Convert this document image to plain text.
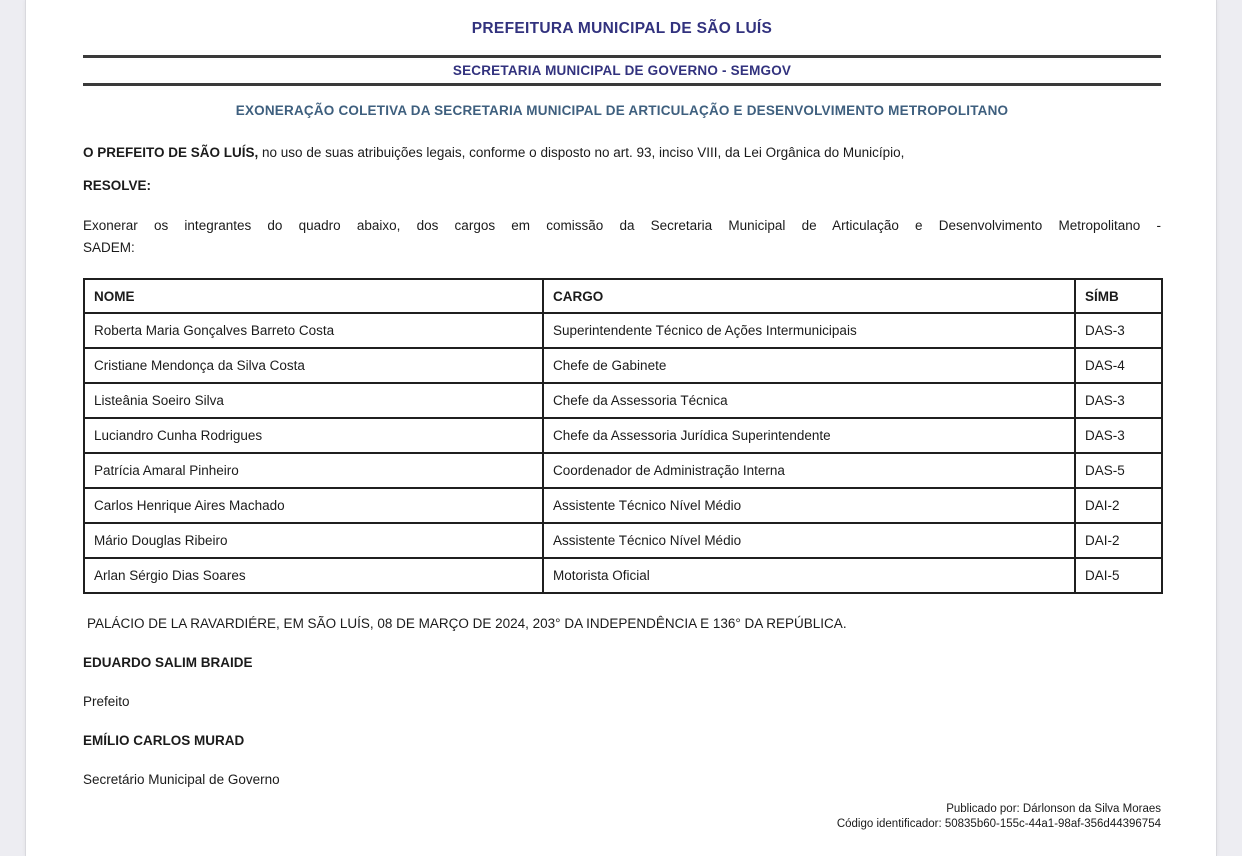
PREFEITURA MUNICIPAL DE SÃO LUÍS
SECRETARIA MUNICIPAL DE GOVERNO - SEMGOV
EXONERAÇÃO COLETIVA DA SECRETARIA MUNICIPAL DE ARTICULAÇÃO E DESENVOLVIMENTO METROPOLITANO

O PREFEITO DE SÃO LUÍS, no uso de suas atribuições legais, conforme o disposto no art. 93, inciso VIII, da Lei Orgânica do Município,

RESOLVE:

Exonerar os integrantes do quadro abaixo, dos cargos em comissão da Secretaria Municipal de Articulação e Desenvolvimento Metropolitano -
SADEM:
NOME	CARGO	SÍMB
Roberta Maria Gonçalves Barreto Costa	Superintendente Técnico de Ações Intermunicipais	DAS-3
Cristiane Mendonça da Silva Costa	Chefe de Gabinete	DAS-4
Listeânia Soeiro Silva	Chefe da Assessoria Técnica	DAS-3
Luciandro Cunha Rodrigues	Chefe da Assessoria Jurídica Superintendente	DAS-3
Patrícia Amaral Pinheiro	Coordenador de Administração Interna	DAS-5
Carlos Henrique Aires Machado	Assistente Técnico Nível Médio	DAI-2
Mário Douglas Ribeiro	Assistente Técnico Nível Médio	DAI-2
Arlan Sérgio Dias Soares	Motorista Oficial	DAI-5

PALÁCIO DE LA RAVARDIÉRE, EM SÃO LUÍS, 08 DE MARÇO DE 2024, 203° DA INDEPENDÊNCIA E 136° DA REPÚBLICA.

EDUARDO SALIM BRAIDE

Prefeito

EMÍLIO CARLOS MURAD

Secretário Municipal de Governo

Publicado por: Dárlonson da Silva Moraes
Código identificador: 50835b60-155c-44a1-98af-356d44396754
